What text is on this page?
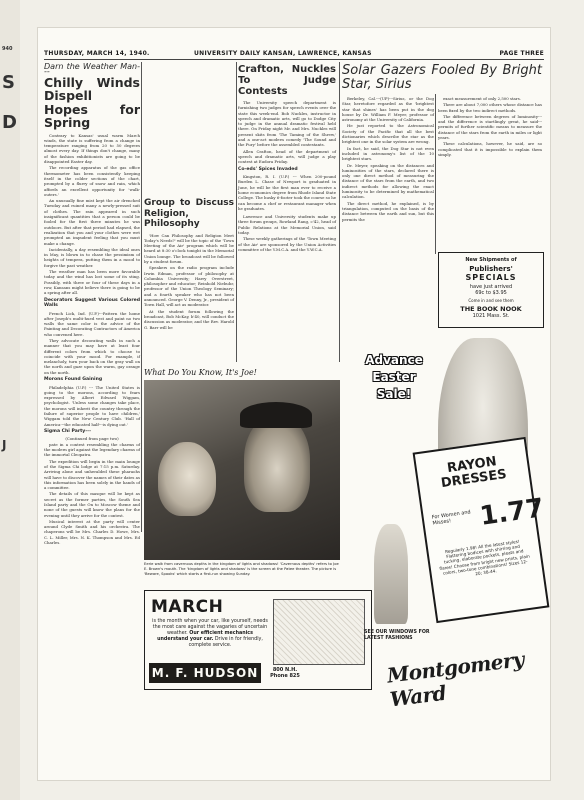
940
S
D
J
THURSDAY, MARCH 14, 1940.	UNIVERSITY DAILY KANSAN, LAWRENCE, KANSAS	PAGE THREE
Darn the Weather Man---
Chilly Winds Dispell Hopes for Spring

Contrary to Kansas' usual warm March winds, the state is suffering from a change in temperature ranging from 20 to 50 degrees almost every day. If things don't change, many of the fashion exhibitionists are going to be disappointed Easter day.

The recording apparatus of the gas office thermometer has been consistently keeping itself in the colder sections of the chart, prompted by a flurry of snow and rain, which affords an excellent opportunity for 'walk-outers.'

An unusually fine mist kept the air drenched Tuesday and ruined many a newly-pressed suit of clothes. The rain appeared in such insignificant quantities that a person could be fooled for the first three minutes he was outdoors. But after that period had elapsed, the realization that you and your clothes were wet prompted an impudent feeling that you must make a change.

Incidentally, a day resembling the ideal ones in May, is blown in to chase the pessimism of heights of tempera, putting them in a mood to forgive the past weather.

The weather man has been more favorable today and the wind has lost some of its sting. Possibly, with three or four of these days in a row, Kansans might believe there is going to be a spring after all.

Decorators Suggest Various Colored Walls

French Lick, Ind. (U.P.)---Pattern the home after Joseph's multi-hued vest and paint no two walls the same color is the advice of the Painting and Decorating Contractors of America who convened here.

They advocate decorating walls in such a manner that you may have at least four different colors from which to choose to coincide with your mood. For example, if melancholy, turn your back on the gray wall on the north and gaze upon the warm, gay orange on the north.

Morons Found Gaining

Philadelphia (U.P.) --- The United States is going to the morons, according to fears expressed by Albert Edward Wiggam, psychologist. 'Unless some changes take place, the morons will inherit the country through the failure of superior people to have children,' Wiggam told the New Century Club. 'Hall of America---the educated half---is dying out.'

Sigma Chi Party---
(Continued from page two)

pate in a contest resembling the charms of the modern girl against the legendary charms of the immortal Cleopatra.

The expedition will begin in the main lounge of the Sigma Chi lodge at 7:15 p.m. Saturday. Arriving alone and unheralded these pharaohs will have to discover the names of their dates as this information has been solely in the hands of a committee.

The details of this masque will be kept as secret as the former parties, the South Sea Island party and the On to Moscow theme and none of the guests will know the plans for the evening until they arrive for the contest.

Musical interest at the party will center around Clyde Smith and his orchestra. The chaperons will be Mrs. Charles D. Howe, Mrs. C. L. Miller, Mrs. N. K. Thompson and Mrs. Ed Charles.

Group to Discuss Religion, Philosophy

'How Can Philosophy and Religion Meet Today's Needs?' will be the topic of the 'Town Meeting of the Air' program which will be heard at 8:30 o'clock tonight in the Memorial Union lounge. The broadcast will be followed by a student forum.

Speakers on the radio program include Irwin Edman, professor of philosophy at Columbia University; Harry Overstreet, philosopher and educator; Reinhold Niebuhr, professor of the Union Theology Seminary; and a fourth speaker who has not been announced. George V. Denny, Jr., president of Town Hall, will act as moderator.

At the student forum following the broadcast, Bob McKay, b'40, will conduct the discussion as moderator, and the Rev. Harold G. Barr will be

Crafton, Nuckles To Judge Contests

The University speech department is furnishing two judges for speech events over the state this week-end. Bob Nuckles, instructor in speech and dramatic arts, will go to Dodge City to judge in the annual dramatic festival held there. On Friday night Mr. and Mrs. Nuckles will present skits from 'The Taming of the Shrew,' and a one-act modern comedy 'The Sound and the Fury' before the assembled contestants.

Allen Crafton, head of the department of speech and dramatic arts, will judge a play contest at Eudora Friday.

Co-eds' Spices Invaded

Kingston, R. I. (U.P.) --- When 200-pound Burden L. Chase of Newport is graduated in June, he will be the first man ever to receive a home economics degree from Rhode Island State College. The husky 6-footer took the course so he can become a chef or restaurant manager when he graduates.

Lawrence and University students make up three forum groups, Rowland Rang, c'42, head of Public Relations at the Memorial Union, said today.

These weekly gatherings of the 'Town Meeting of the Air' are sponsored by the Union Activities committee of the Y.M.C.A. and the Y.W.C.A.

Solar Gazers Fooled By Bright Star, Sirius

Berkeley, Cal.---(UP)---Sirius, or the Dog Star, heretofore regarded as the 'brightest star that shines' has been put in the dog house by Dr. William F. Meyer, professor of astronomy at the University of California.

He just reported to the Astronomical Society of the Pacific that all the best dictionaries which describe the star as the brightest one in the solar system are wrong.

In fact, he said, the Dog Star is not even included in astronomy's list of the 10 brightest stars.

Dr. Meyer, speaking on the distances and luminosities of the stars, declared there is only one direct method of measuring the distance of the stars from the earth, and two indirect methods for allowing the exact luminosity to be determined by mathematical calculation.

The direct method, he explained, is by triangulation, computed on the basis of the distance between the earth and sun, but this permits the

exact measurement of only 2,500 stars.

There are about 7,000 others whose distance has been fixed by the two indirect methods.

The difference between degrees of luminosity---and the difference is startlingly great, he said---permits of further scientific means to measure the distance of the stars from the earth in miles or light years.

These calculations, however, he said, are so complicated that it is impossible to explain them simply.

New Shipments of
Publishers'
SPECIALS
have just arrived
69c to $3.95
Come in and see them
THE BOOK NOOK
1021 Mass. St.
What Do You Know, It's Joe!
Eerie walk from cavernous depths in the kingdom of lights and shadows! 'Cavernous depths' refers to Joe E. Brown's mouth. The 'kingdom of lights and shadows' is the screen at the Patee theater. The picture is 'Beware, Spooks' which starts a first-run showing Sunday.
MARCH
is the month when your car, like yourself, needs the most care against the vagaries of uncertain weather. Our efficient mechanics understand your car. Drive in for friendly, complete service.
M. F. HUDSON	800 N.H.
Phone 825
Advance Easter Sale!
RAYON DRESSES
For Women and Misses!	1.77
Regularly 1.98! All the latest styles! Flattering bodices with shirring and tucking, elaborate pockets, pleats and flares! Choose from bright new prints, plain colors, two-tone combinations! Sizes 12-20; 38-44.
SEE OUR WINDOWS FOR LATEST FASHIONS
Montgomery Ward
